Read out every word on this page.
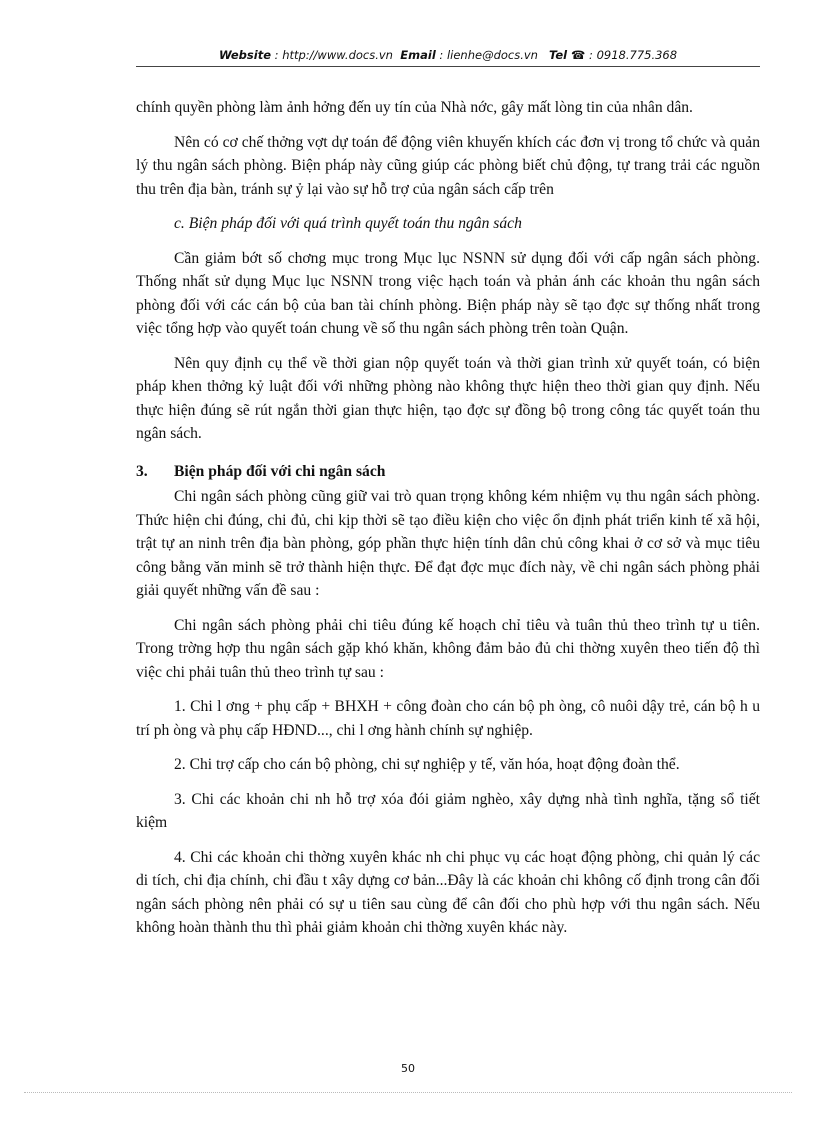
Website : http://www.docs.vn Email : lienhe@docs.vn Tel ☎ : 0918.775.368

chính quyền phòng làm ảnh hởng đến uy tín của Nhà nớc, gây mất lòng tin của nhân dân.

Nên có cơ chế thởng vợt dự toán để động viên khuyến khích các đơn vị trong tổ chức và quản lý thu ngân sách phòng. Biện pháp này cũng giúp các phòng biết chủ động, tự trang trải các nguồn thu trên địa bàn, tránh sự ỷ lại vào sự hỗ trợ của ngân sách cấp trên

c. Biện pháp đối với quá trình quyết toán thu ngân sách

Cần giảm bớt số chơng mục trong Mục lục NSNN sử dụng đối với cấp ngân sách phòng. Thống nhất sử dụng Mục lục NSNN trong việc hạch toán và phản ánh các khoản thu ngân sách phòng đối với các cán bộ của ban tài chính phòng. Biện pháp này sẽ tạo đợc sự thống nhất trong việc tổng hợp vào quyết toán chung về số thu ngân sách phòng trên toàn Quận.

Nên quy định cụ thể về thời gian nộp quyết toán và thời gian trình xử quyết toán, có biện pháp khen thởng kỷ luật đối với những phòng nào không thực hiện theo thời gian quy định. Nếu thực hiện đúng sẽ rút ngắn thời gian thực hiện, tạo đợc sự đồng bộ trong công tác quyết toán thu ngân sách.

3.	Biện pháp đối với chi ngân sách

Chi ngân sách phòng cũng giữ vai trò quan trọng không kém nhiệm vụ thu ngân sách phòng. Thức hiện chi đúng, chi đủ, chi kịp thời sẽ tạo điều kiện cho việc ổn định phát triển kinh tế xã hội, trật tự an ninh trên địa bàn phòng, góp phần thực hiện tính dân chủ công khai ở cơ sở và mục tiêu công bằng văn minh sẽ trở thành hiện thực. Để đạt đợc mục đích này, về chi ngân sách phòng phải giải quyết những vấn đề sau :

Chi ngân sách phòng phải chi tiêu đúng kế hoạch chỉ tiêu và tuân thủ theo trình tự u tiên. Trong trờng hợp thu ngân sách gặp khó khăn, không đảm bảo đủ chi thờng xuyên theo tiến độ thì việc chi phải tuân thủ theo trình tự sau :

1. Chi l ơng + phụ cấp + BHXH + công đoàn cho cán bộ ph òng, cô nuôi dậy trẻ, cán bộ h u trí ph òng và phụ cấp HĐND..., chi l ơng hành chính sự nghiệp.

2. Chi trợ cấp cho cán bộ phòng, chi sự nghiệp y tế, văn hóa, hoạt động đoàn thể.

3. Chi các khoản chi nh hỗ trợ xóa đói giảm nghèo, xây dựng nhà tình nghĩa, tặng sổ tiết kiệm

4. Chi các khoản chi thờng xuyên khác nh chi phục vụ các hoạt động phòng, chi quản lý các di tích, chi địa chính, chi đầu t xây dựng cơ bản...Đây là các khoản chi không cố định trong cân đối ngân sách phòng nên phải có sự u tiên sau cùng để cân đối cho phù hợp với thu ngân sách. Nếu không hoàn thành thu thì phải giảm khoản chi thờng xuyên khác này.

50
